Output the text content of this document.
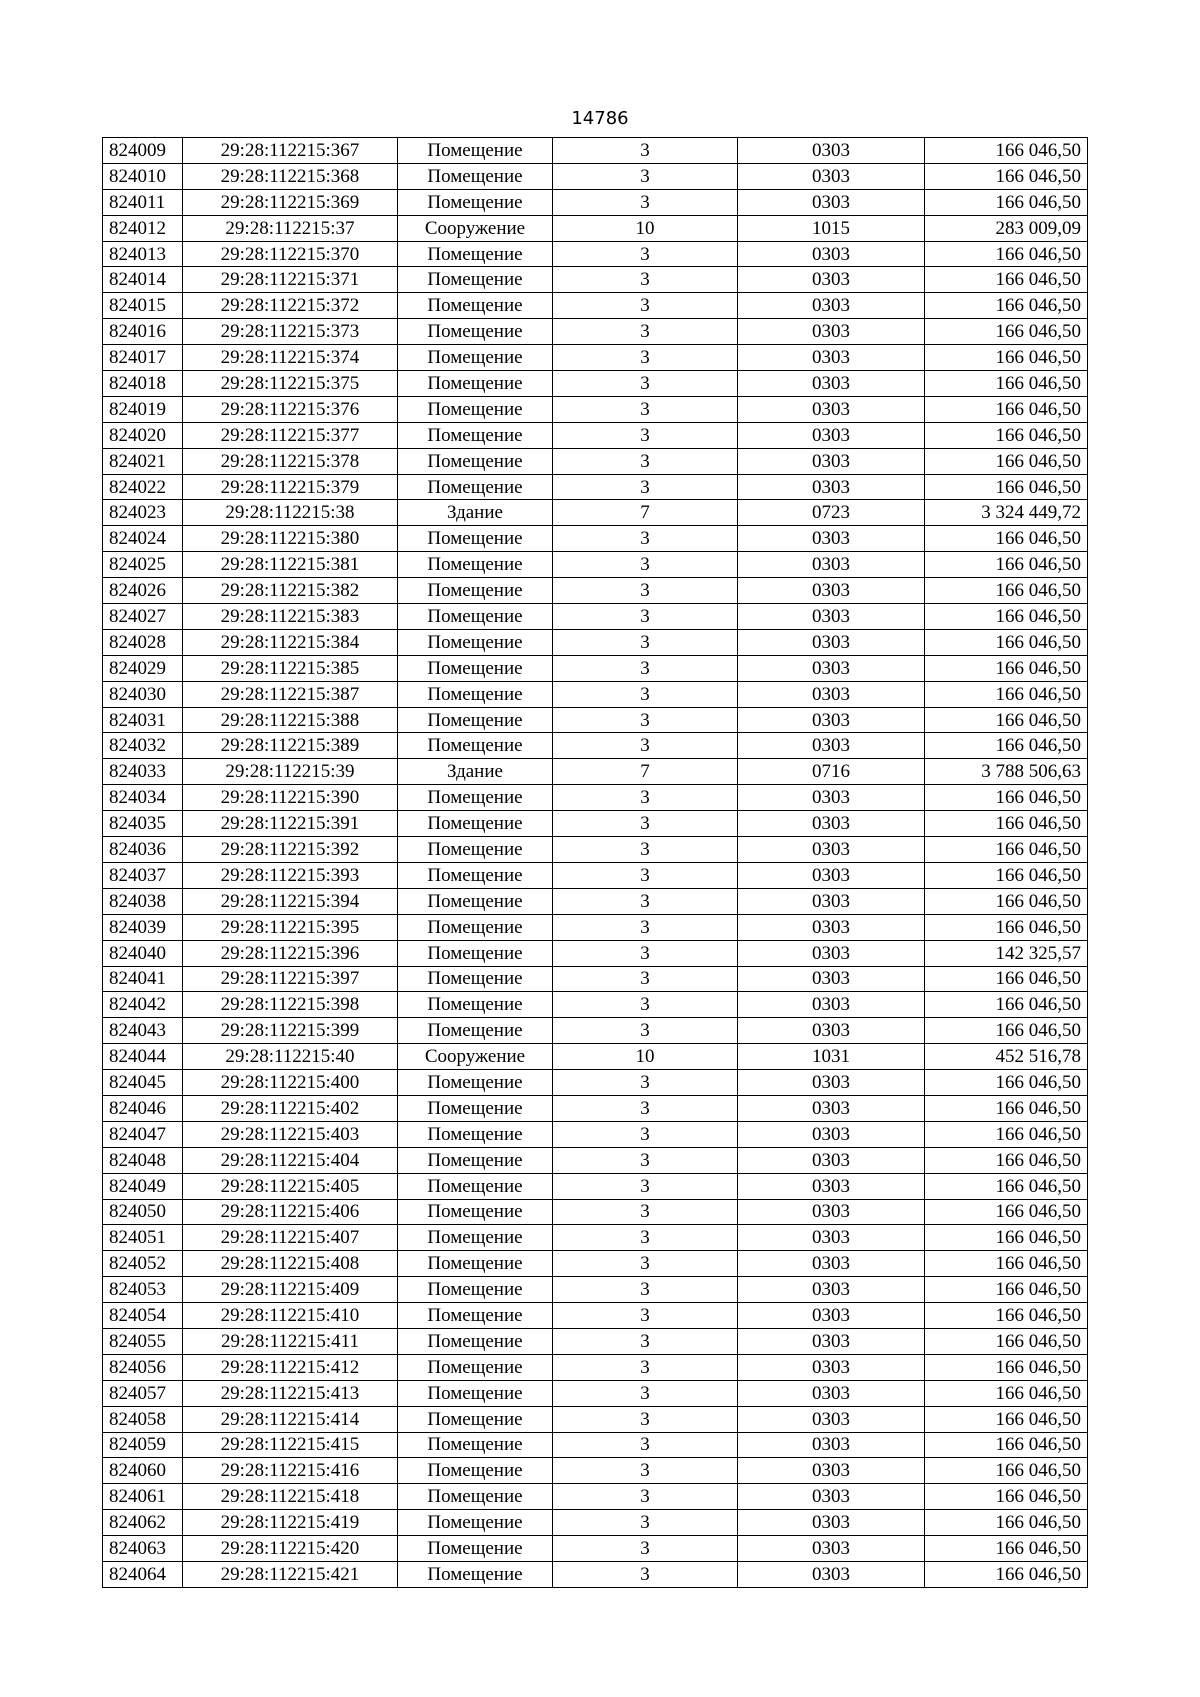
14786
824009	29:28:112215:367	Помещение	3	0303	166 046,50
824010	29:28:112215:368	Помещение	3	0303	166 046,50
824011	29:28:112215:369	Помещение	3	0303	166 046,50
824012	29:28:112215:37	Сооружение	10	1015	283 009,09
824013	29:28:112215:370	Помещение	3	0303	166 046,50
824014	29:28:112215:371	Помещение	3	0303	166 046,50
824015	29:28:112215:372	Помещение	3	0303	166 046,50
824016	29:28:112215:373	Помещение	3	0303	166 046,50
824017	29:28:112215:374	Помещение	3	0303	166 046,50
824018	29:28:112215:375	Помещение	3	0303	166 046,50
824019	29:28:112215:376	Помещение	3	0303	166 046,50
824020	29:28:112215:377	Помещение	3	0303	166 046,50
824021	29:28:112215:378	Помещение	3	0303	166 046,50
824022	29:28:112215:379	Помещение	3	0303	166 046,50
824023	29:28:112215:38	Здание	7	0723	3 324 449,72
824024	29:28:112215:380	Помещение	3	0303	166 046,50
824025	29:28:112215:381	Помещение	3	0303	166 046,50
824026	29:28:112215:382	Помещение	3	0303	166 046,50
824027	29:28:112215:383	Помещение	3	0303	166 046,50
824028	29:28:112215:384	Помещение	3	0303	166 046,50
824029	29:28:112215:385	Помещение	3	0303	166 046,50
824030	29:28:112215:387	Помещение	3	0303	166 046,50
824031	29:28:112215:388	Помещение	3	0303	166 046,50
824032	29:28:112215:389	Помещение	3	0303	166 046,50
824033	29:28:112215:39	Здание	7	0716	3 788 506,63
824034	29:28:112215:390	Помещение	3	0303	166 046,50
824035	29:28:112215:391	Помещение	3	0303	166 046,50
824036	29:28:112215:392	Помещение	3	0303	166 046,50
824037	29:28:112215:393	Помещение	3	0303	166 046,50
824038	29:28:112215:394	Помещение	3	0303	166 046,50
824039	29:28:112215:395	Помещение	3	0303	166 046,50
824040	29:28:112215:396	Помещение	3	0303	142 325,57
824041	29:28:112215:397	Помещение	3	0303	166 046,50
824042	29:28:112215:398	Помещение	3	0303	166 046,50
824043	29:28:112215:399	Помещение	3	0303	166 046,50
824044	29:28:112215:40	Сооружение	10	1031	452 516,78
824045	29:28:112215:400	Помещение	3	0303	166 046,50
824046	29:28:112215:402	Помещение	3	0303	166 046,50
824047	29:28:112215:403	Помещение	3	0303	166 046,50
824048	29:28:112215:404	Помещение	3	0303	166 046,50
824049	29:28:112215:405	Помещение	3	0303	166 046,50
824050	29:28:112215:406	Помещение	3	0303	166 046,50
824051	29:28:112215:407	Помещение	3	0303	166 046,50
824052	29:28:112215:408	Помещение	3	0303	166 046,50
824053	29:28:112215:409	Помещение	3	0303	166 046,50
824054	29:28:112215:410	Помещение	3	0303	166 046,50
824055	29:28:112215:411	Помещение	3	0303	166 046,50
824056	29:28:112215:412	Помещение	3	0303	166 046,50
824057	29:28:112215:413	Помещение	3	0303	166 046,50
824058	29:28:112215:414	Помещение	3	0303	166 046,50
824059	29:28:112215:415	Помещение	3	0303	166 046,50
824060	29:28:112215:416	Помещение	3	0303	166 046,50
824061	29:28:112215:418	Помещение	3	0303	166 046,50
824062	29:28:112215:419	Помещение	3	0303	166 046,50
824063	29:28:112215:420	Помещение	3	0303	166 046,50
824064	29:28:112215:421	Помещение	3	0303	166 046,50
